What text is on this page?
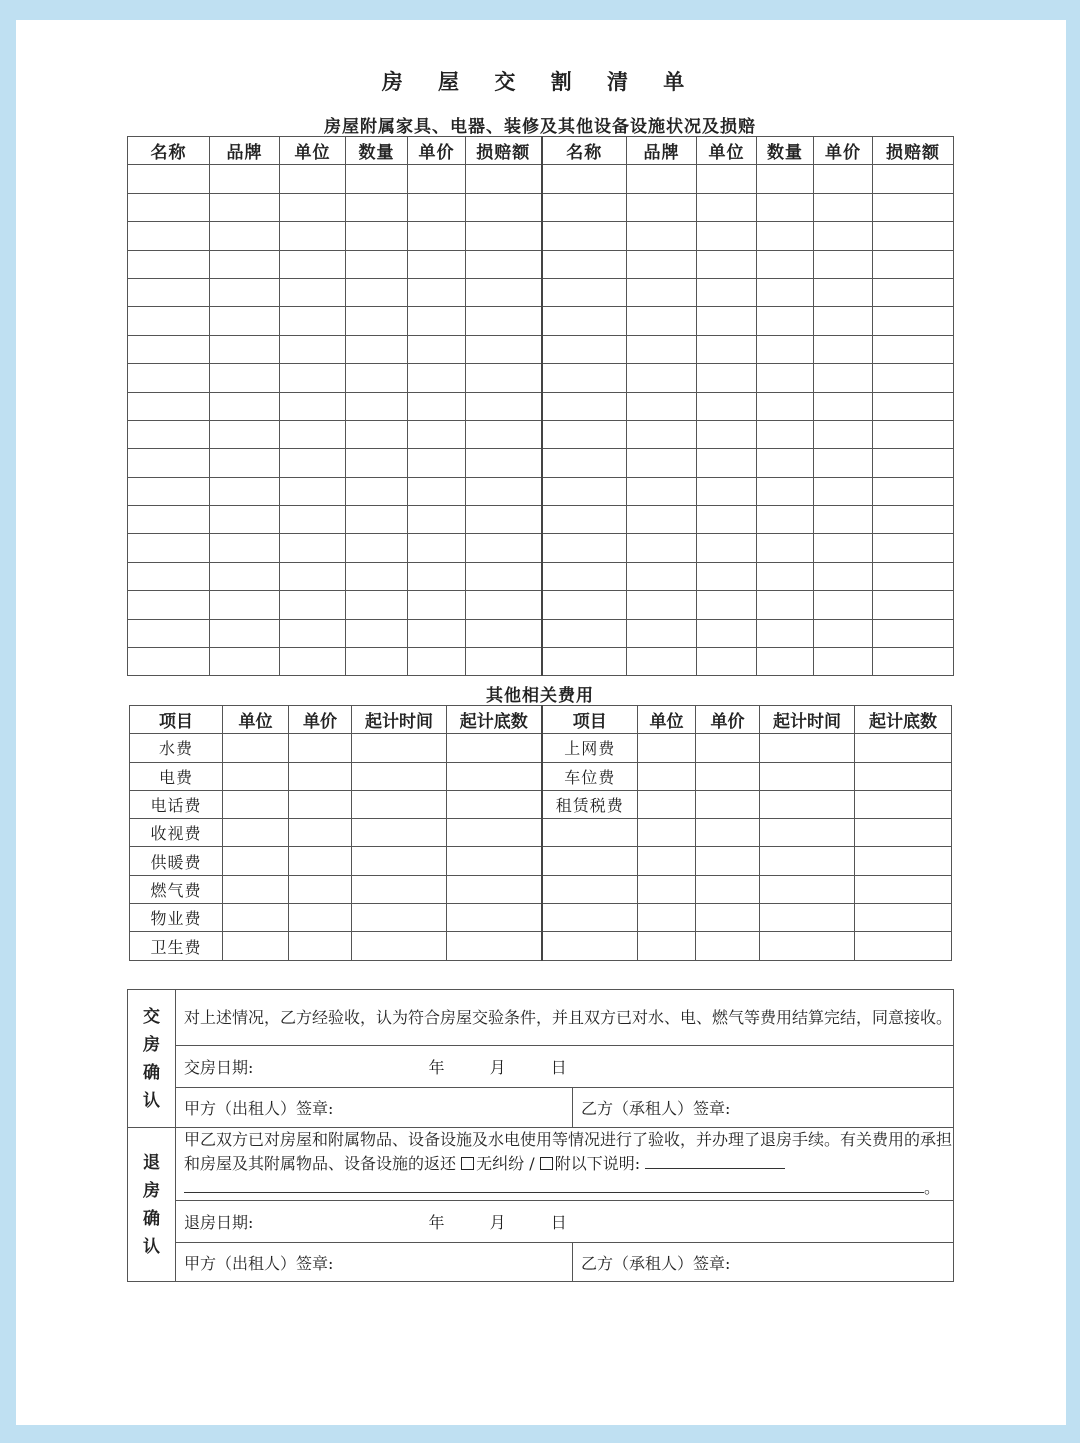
房 屋 交 割 清 单
房屋附属家具、电器、装修及其他设备设施状况及损赔
名称	品牌	单位	数量	单价	损赔额	名称	品牌	单位	数量	单价	损赔额

其他相关费用
项目	单位	单价	起计时间	起计底数	项目	单位	单价	起计时间	起计底数
水费					上网费				
电费					车位费				
电话费					租赁税费				
收视费									
供暖费									
燃气费									
物业费									
卫生费									
交
房
确
认	对上述情况，乙方经验收，认为符合房屋交验条件，并且双方已对水、电、燃气等费用结算完结，同意接收。	
	交房日期: 年 月 日	
	甲方（出租人）签章:	乙方（承租人）签章:
退
房
确
认	甲乙双方已对房屋和附属物品、设备设施及水电使用等情况进行了验收，并办理了退房手续。有关费用的承担和房屋及其附属物品、设备设施的返还 无纠纷 / 附以下说明:
。	
	退房日期: 年 月 日	
	甲方（出租人）签章:	乙方（承租人）签章:
